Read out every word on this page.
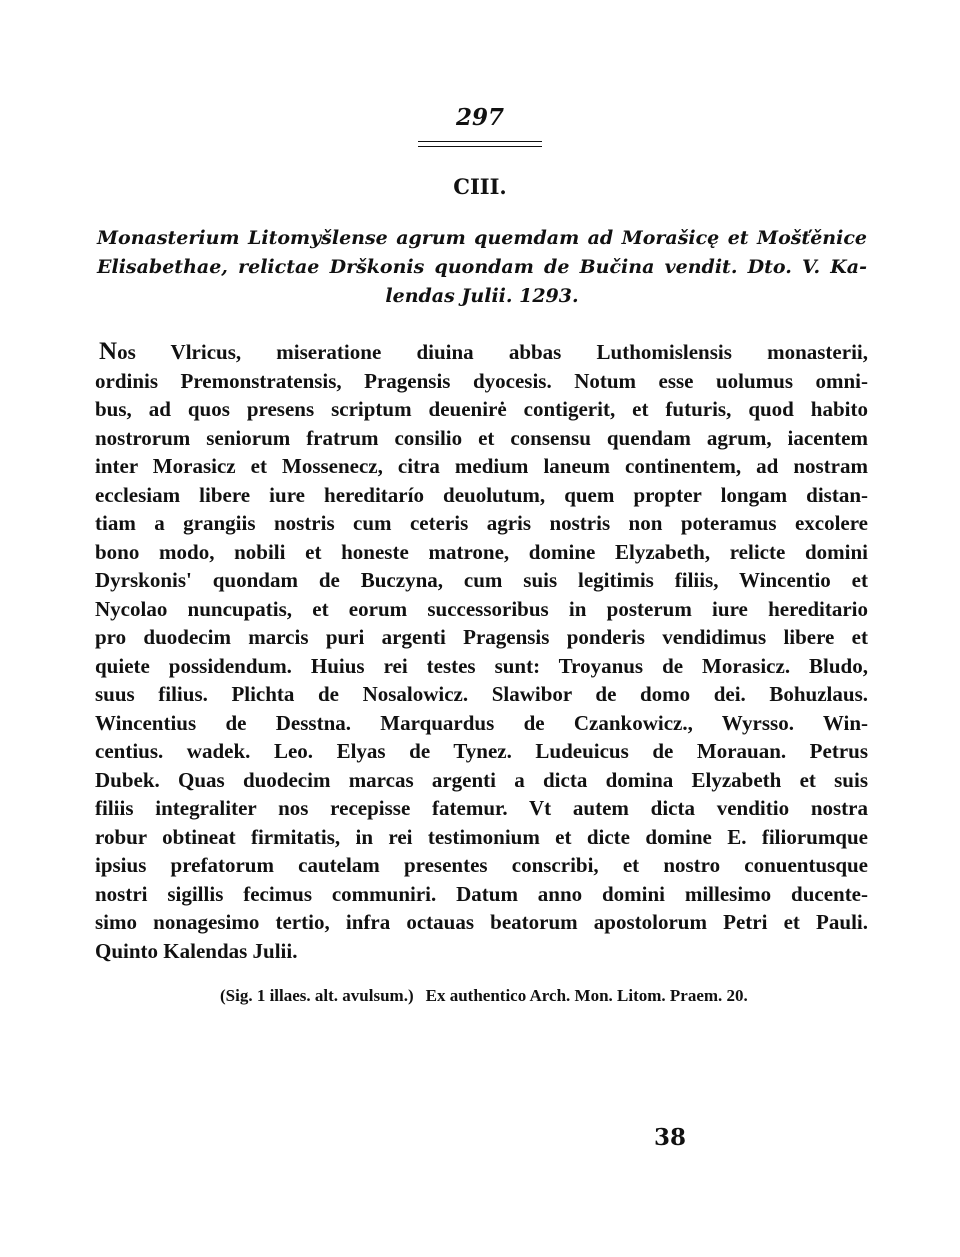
297
CIII.
Monasterium Litomyšlense agrum quemdam ad Morašicę et Mošťěnice
Elisabethae, relictae Drškonis quondam de Bučina vendit. Dto. V. Ka-
lendas Julii. 1293.
Nos Vlricus, miseratione diuina abbas Luthomislensis monasterii,
ordinis Premonstratensis, Pragensis dyocesis. Notum esse uolumus omni-
bus, ad quos presens scriptum deuenirė contigerit, et futuris, quod habito
nostrorum seniorum fratrum consilio et consensu quendam agrum, iacentem
inter Morasicz et Mossenecz, citra medium laneum continentem, ad nostram
ecclesiam libere iure hereditarío deuolutum, quem propter longam distan-
tiam a grangiis nostris cum ceteris agris nostris non poteramus excolere
bono modo, nobili et honeste matrone, domine Elyzabeth, relicte domini
Dyrskonis' quondam de Buczyna, cum suis legitimis filiis, Wincentio et
Nycolao nuncupatis, et eorum successoribus in posterum iure hereditario
pro duodecim marcis puri argenti Pragensis ponderis vendidimus libere et
quiete possidendum. Huius rei testes sunt: Troyanus de Morasicz. Bludo,
suus filius. Plichta de Nosalowicz. Slawibor de domo dei. Bohuzlaus.
Wincentius de Desstna. Marquardus de Czankowicz., Wyrsso. Win-
centius. wadek. Leo. Elyas de Tynez. Ludeuicus de Morauan. Petrus
Dubek. Quas duodecim marcas argenti a dicta domina Elyzabeth et suis
filiis integraliter nos recepisse fatemur. Vt autem dicta venditio nostra
robur obtineat firmitatis, in rei testimonium et dicte domine E. filiorumque
ipsius prefatorum cautelam presentes conscribi, et nostro conuentusque
nostri sigillis fecimus communiri. Datum anno domini millesimo ducente-
simo nonagesimo tertio, infra octauas beatorum apostolorum Petri et Pauli.
Quinto Kalendas Julii.
(Sig. 1 illaes. alt. avulsum.) Ex authentico Arch. Mon. Litom. Praem. 20.
38
